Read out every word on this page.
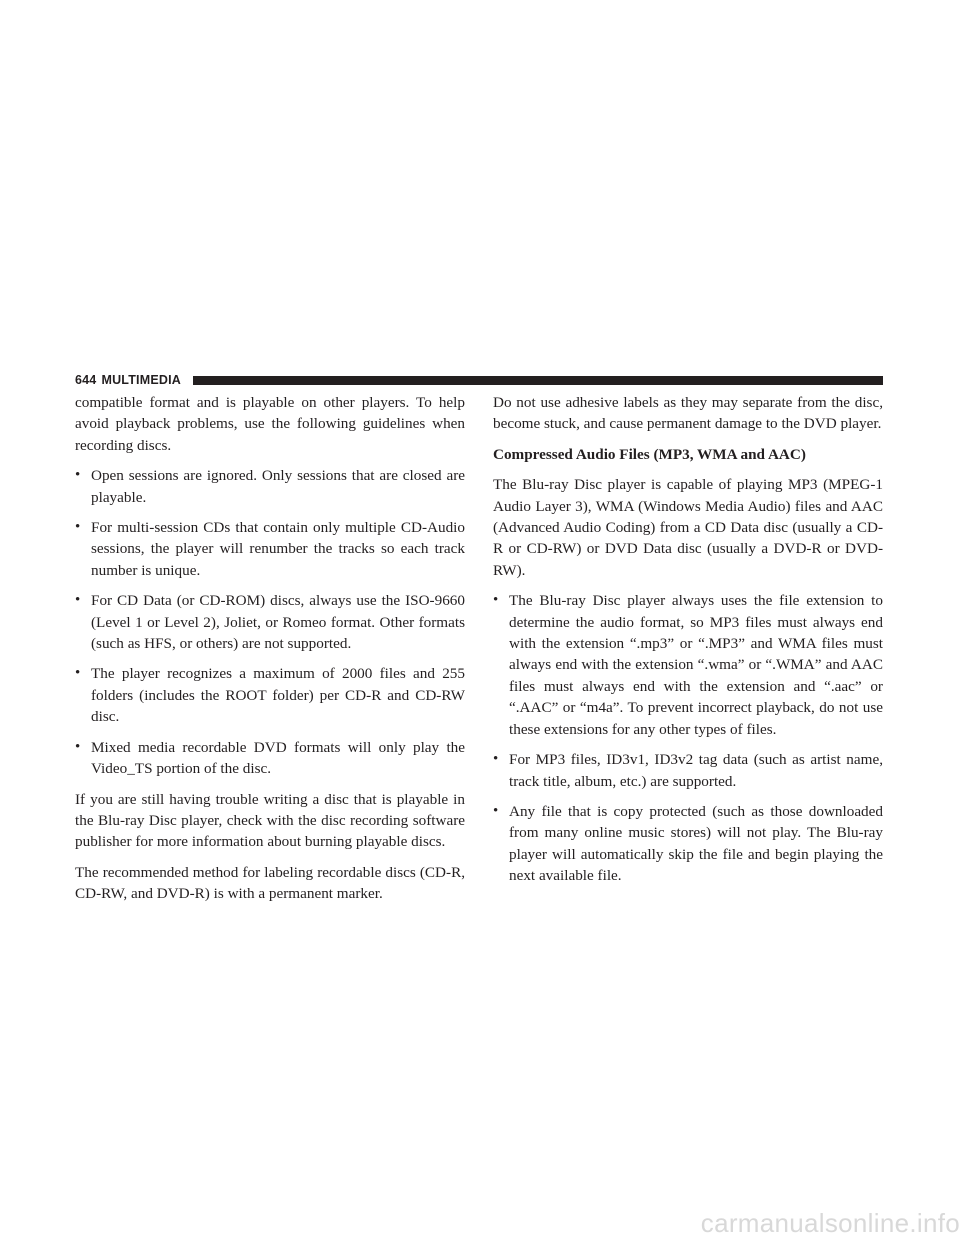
644 MULTIMEDIA

compatible format and is playable on other players. To help avoid playback problems, use the following guidelines when recording discs.

• Open sessions are ignored. Only sessions that are closed are playable.
• For multi-session CDs that contain only multiple CD-Audio sessions, the player will renumber the tracks so each track number is unique.
• For CD Data (or CD-ROM) discs, always use the ISO-9660 (Level 1 or Level 2), Joliet, or Romeo format. Other formats (such as HFS, or others) are not supported.
• The player recognizes a maximum of 2000 files and 255 folders (includes the ROOT folder) per CD-R and CD-RW disc.
• Mixed media recordable DVD formats will only play the Video_TS portion of the disc.

If you are still having trouble writing a disc that is playable in the Blu-ray Disc player, check with the disc recording software publisher for more information about burning playable discs.

The recommended method for labeling recordable discs (CD-R, CD-RW, and DVD-R) is with a permanent marker.

Do not use adhesive labels as they may separate from the disc, become stuck, and cause permanent damage to the DVD player.

Compressed Audio Files (MP3, WMA and AAC)

The Blu-ray Disc player is capable of playing MP3 (MPEG-1 Audio Layer 3), WMA (Windows Media Audio) files and AAC (Advanced Audio Coding) from a CD Data disc (usually a CD-R or CD-RW) or DVD Data disc (usually a DVD-R or DVD-RW).

• The Blu-ray Disc player always uses the file extension to determine the audio format, so MP3 files must always end with the extension “.mp3” or “.MP3” and WMA files must always end with the extension “.wma” or “.WMA” and AAC files must always end with the extension and “.aac” or “.AAC” or “m4a”. To prevent incorrect playback, do not use these extensions for any other types of files.
• For MP3 files, ID3v1, ID3v2 tag data (such as artist name, track title, album, etc.) are supported.
• Any file that is copy protected (such as those downloaded from many online music stores) will not play. The Blu-ray player will automatically skip the file and begin playing the next available file.
carmanualsonline.info
